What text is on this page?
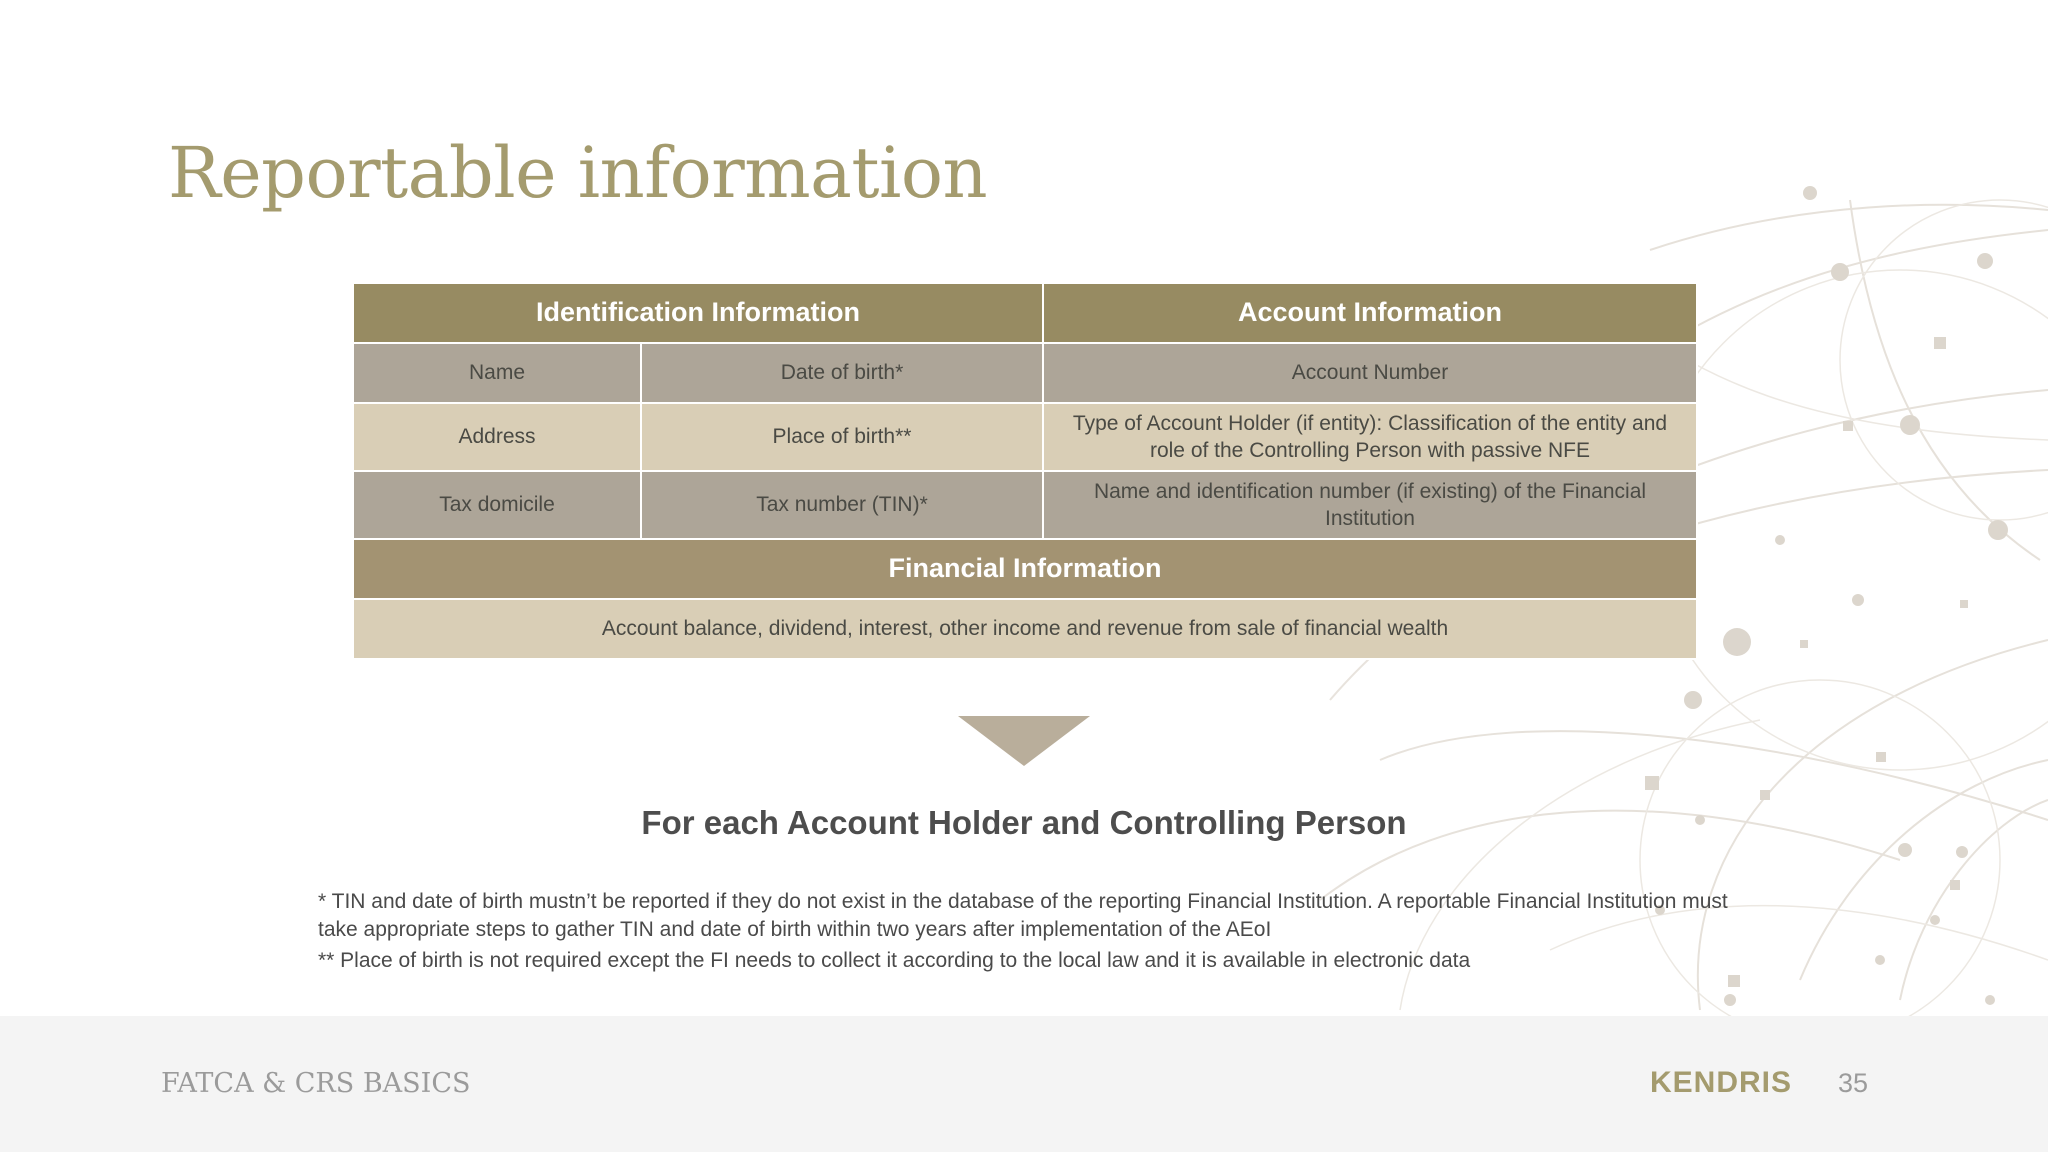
Reportable information
Identification Information		Account Information
Name	Date of birth*	Account Number
Address	Place of birth**	Type of Account Holder (if entity): Classification of the entity and role of the Controlling Person with passive NFE
Tax domicile	Tax number (TIN)*	Name and identification number (if existing) of the Financial Institution
Financial Information		
Account balance, dividend, interest, other income and revenue from sale of financial wealth		
For each Account Holder and Controlling Person
* TIN and date of birth mustn’t be reported if they do not exist in the database of the reporting Financial Institution. A reportable Financial Institution must take appropriate steps to gather TIN and date of birth within two years after implementation of the AEoI
** Place of birth is not required except the FI needs to collect it according to the local law and it is available in electronic data
FATCA & CRS BASICS	KENDRIS 35
